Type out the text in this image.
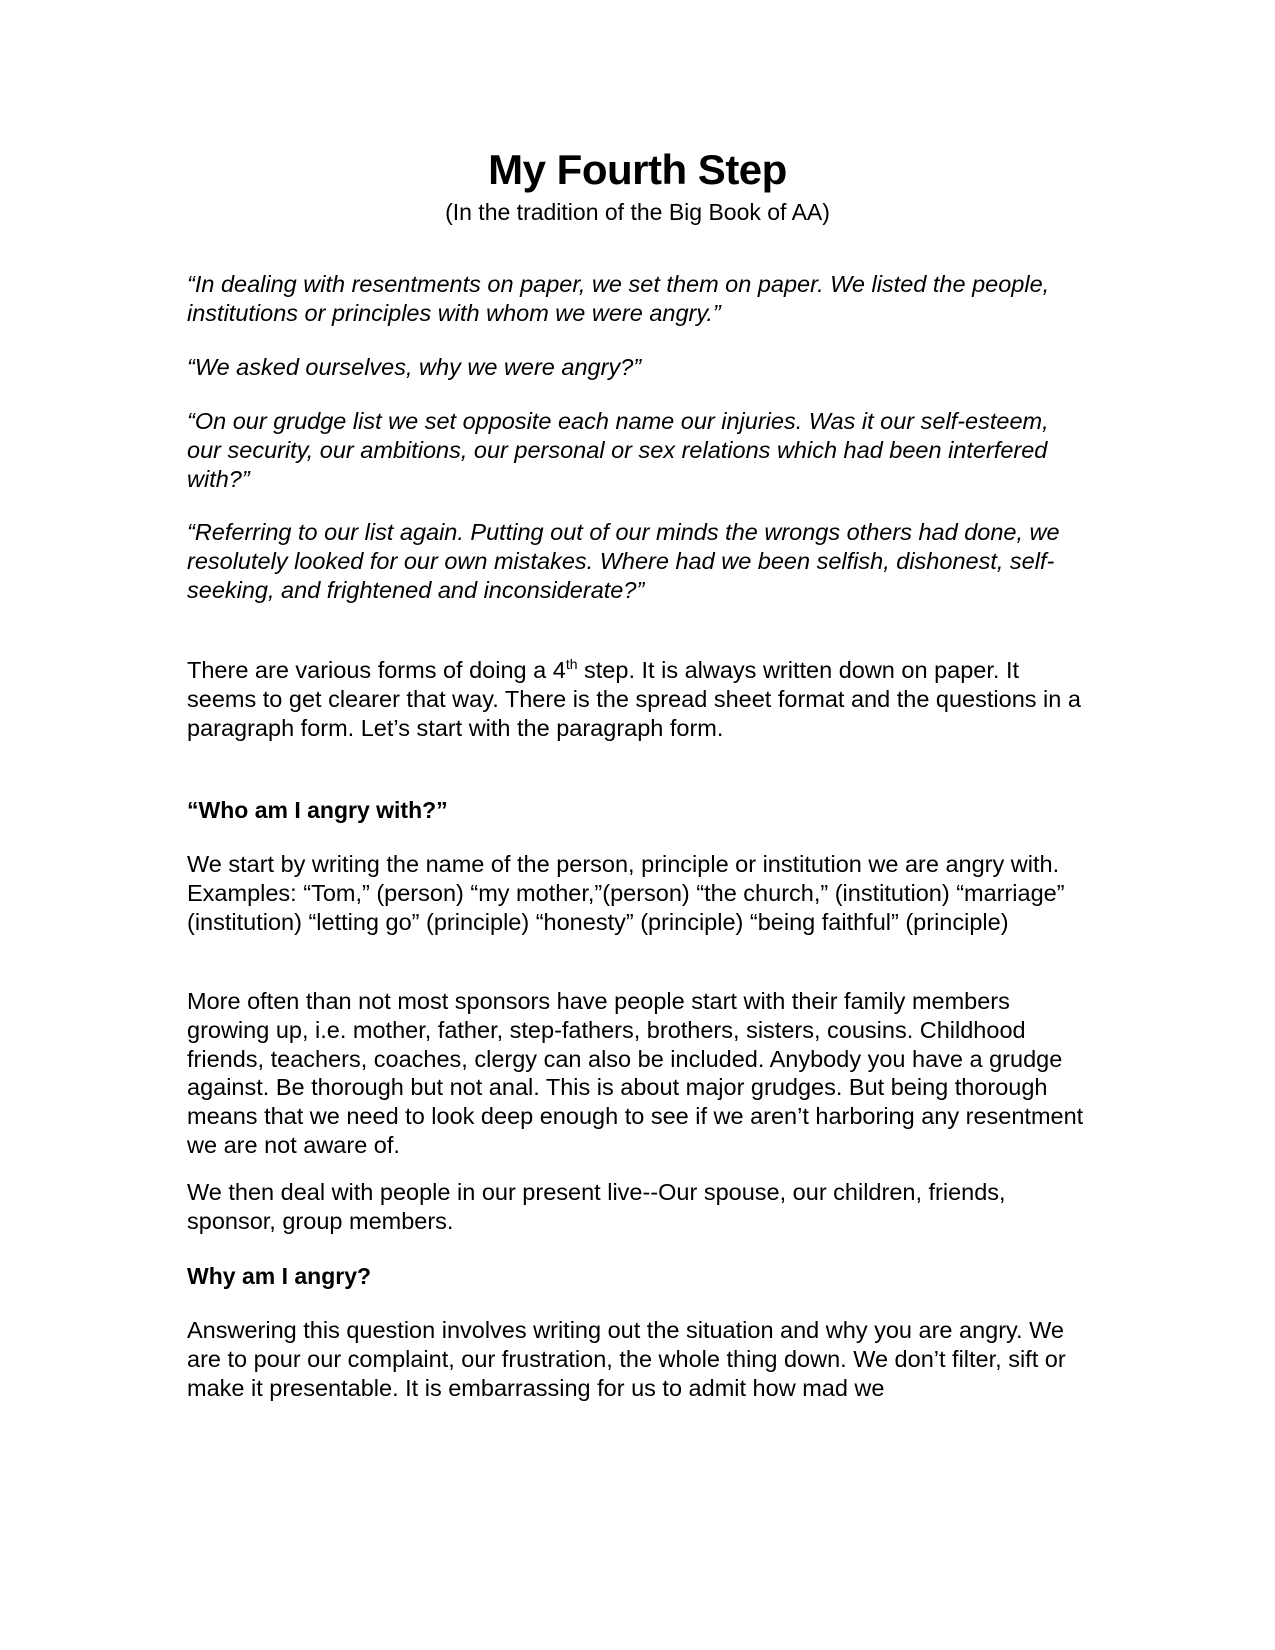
My Fourth Step
(In the tradition of the Big Book of AA)

“In dealing with resentments on paper, we set them on paper. We listed the people, institutions or principles with whom we were angry.”

“We asked ourselves, why we were angry?”

“On our grudge list we set opposite each name our injuries. Was it our self-esteem, our security, our ambitions, our personal or sex relations which had been interfered with?”

“Referring to our list again. Putting out of our minds the wrongs others had done, we resolutely looked for our own mistakes. Where had we been selfish, dishonest, self-seeking, and frightened and inconsiderate?”

There are various forms of doing a 4th step. It is always written down on paper. It seems to get clearer that way. There is the spread sheet format and the questions in a paragraph form. Let’s start with the paragraph form.

“Who am I angry with?”

We start by writing the name of the person, principle or institution we are angry with. Examples: “Tom,” (person) “my mother,”(person) “the church,” (institution) “marriage” (institution) “letting go” (principle) “honesty” (principle) “being faithful” (principle)

More often than not most sponsors have people start with their family members growing up, i.e. mother, father, step-fathers, brothers, sisters, cousins. Childhood friends, teachers, coaches, clergy can also be included. Anybody you have a grudge against. Be thorough but not anal. This is about major grudges. But being thorough means that we need to look deep enough to see if we aren’t harboring any resentment we are not aware of.

We then deal with people in our present live--Our spouse, our children, friends, sponsor, group members.

Why am I angry?

Answering this question involves writing out the situation and why you are angry. We are to pour our complaint, our frustration, the whole thing down. We don’t filter, sift or make it presentable. It is embarrassing for us to admit how mad we
